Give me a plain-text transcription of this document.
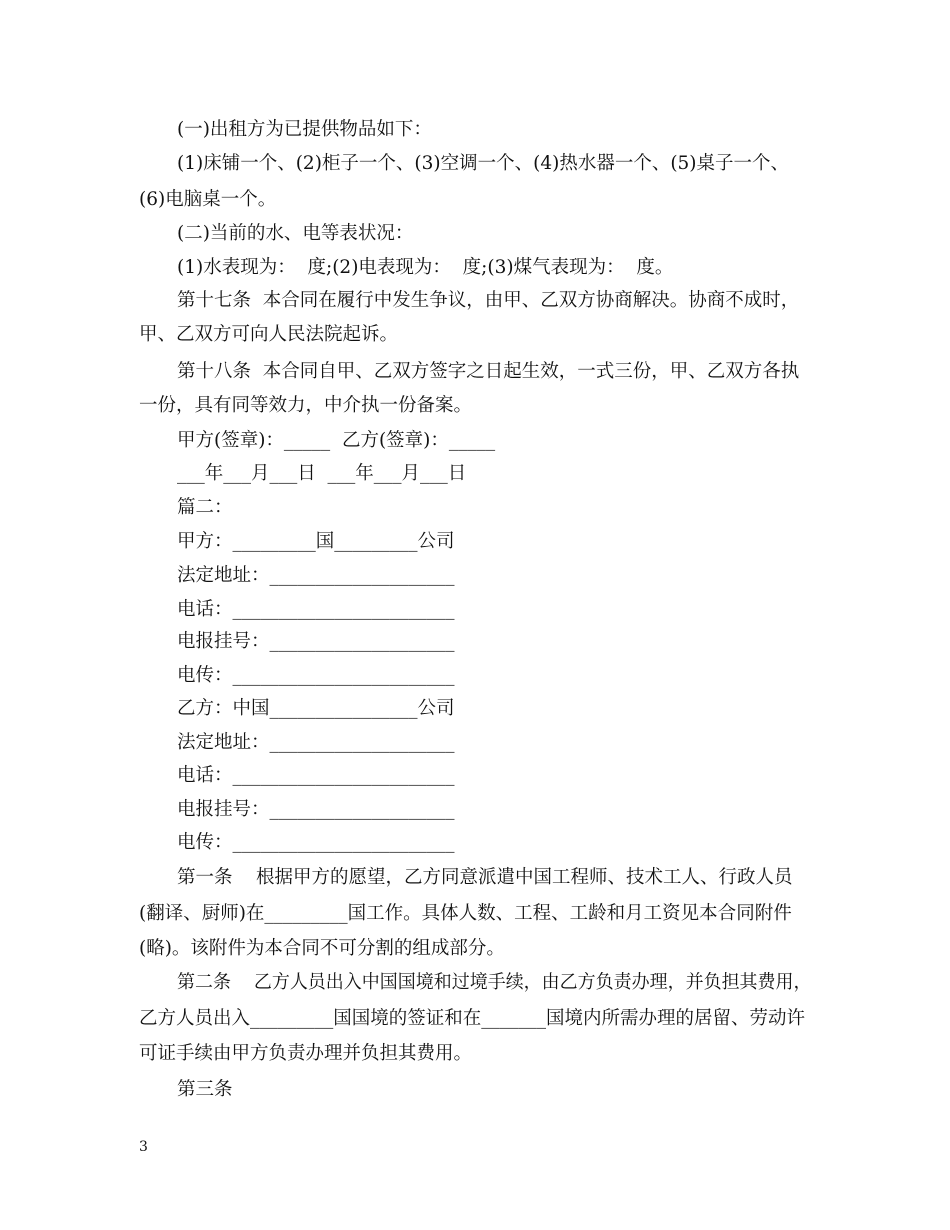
(一)出租方为已提供物品如下：
(1)床铺一个、(2)柜子一个、(3)空调一个、(4)热水器一个、(5)桌子一个、
(6)电脑桌一个。
(二)当前的水、电等表状况：
(1)水表现为：  度;(2)电表现为：  度;(3)煤气表现为：  度。
第十七条  本合同在履行中发生争议，由甲、乙双方协商解决。协商不成时，
甲、乙双方可向人民法院起诉。
第十八条  本合同自甲、乙双方签字之日起生效，一式三份，甲、乙双方各执
一份，具有同等效力，中介执一份备案。
甲方(签章)：_____  乙方(签章)：_____
___年___月___日  ___年___月___日
篇二：
甲方：_________国_________公司
法定地址：____________________
电话：________________________
电报挂号：____________________
电传：________________________
乙方：中国________________公司
法定地址：____________________
电话：________________________
电报挂号：____________________
电传：________________________
第一条    根据甲方的愿望，乙方同意派遣中国工程师、技术工人、行政人员
(翻译、厨师)在_________国工作。具体人数、工程、工龄和月工资见本合同附件
(略)。该附件为本合同不可分割的组成部分。
第二条    乙方人员出入中国国境和过境手续，由乙方负责办理，并负担其费用，
乙方人员出入_________国国境的签证和在_______国境内所需办理的居留、劳动许
可证手续由甲方负责办理并负担其费用。
第三条
3
